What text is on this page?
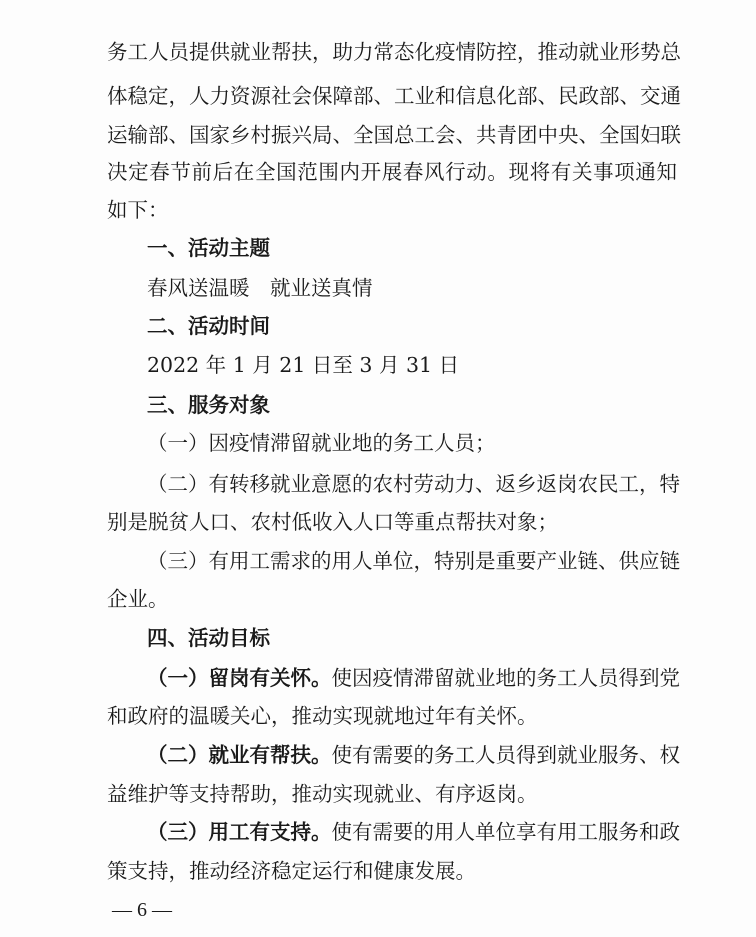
务工人员提供就业帮扶，助力常态化疫情防控，推动就业形势总
体稳定，人力资源社会保障部、工业和信息化部、民政部、交通
运输部、国家乡村振兴局、全国总工会、共青团中央、全国妇联
决定春节前后在全国范围内开展春风行动。现将有关事项通知
如下：
一、活动主题
春风送温暖　就业送真情
二、活动时间
2022 年 1 月 21 日至 3 月 31 日
三、服务对象
（一）因疫情滞留就业地的务工人员；
（二）有转移就业意愿的农村劳动力、返乡返岗农民工，特
别是脱贫人口、农村低收入人口等重点帮扶对象；
（三）有用工需求的用人单位，特别是重要产业链、供应链
企业。
四、活动目标
（一）留岗有关怀。使因疫情滞留就业地的务工人员得到党
和政府的温暖关心，推动实现就地过年有关怀。
（二）就业有帮扶。使有需要的务工人员得到就业服务、权
益维护等支持帮助，推动实现就业、有序返岗。
（三）用工有支持。使有需要的用人单位享有用工服务和政
策支持，推动经济稳定运行和健康发展。
— 6 —
